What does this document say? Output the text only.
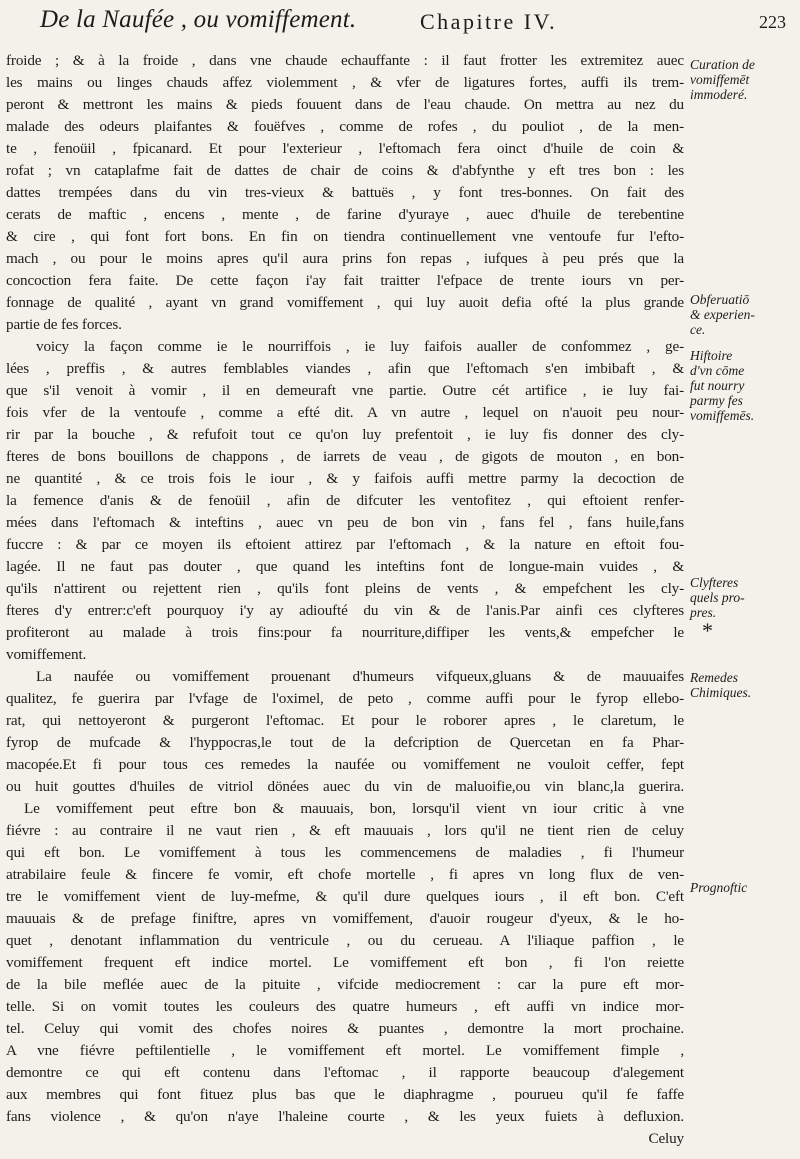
De la Naufée , ou vomiffement.	Chapitre IV.	223
froide ; & à la froide , dans vne chaude echauffante : il faut frotter les extremitez auec
les mains ou linges chauds affez violemment , & vfer de ligatures fortes, auffi ils trem-
peront & mettront les mains & pieds fouuent dans de l'eau chaude. On mettra au nez du
malade des odeurs plaifantes & fouëfves , comme de rofes , du pouliot , de la men-
te , fenoüil , fpicanard. Et pour l'exterieur , l'eftomach fera oinct d'huile de coin &
rofat ; vn cataplafme fait de dattes de chair de coins & d'abfynthe y eft tres bon : les
dattes trempées dans du vin tres-vieux & battuës , y font tres-bonnes. On fait des
cerats de maftic , encens , mente , de farine d'yuraye , auec d'huile de terebentine
& cire , qui font fort bons. En fin on tiendra continuellement vne ventoufe fur l'efto-
mach , ou pour le moins apres qu'il aura prins fon repas , iufques à peu prés que la
concoction fera faite. De cette façon i'ay fait traitter l'efpace de trente iours vn per-
fonnage de qualité , ayant vn grand vomiffement , qui luy auoit defia ofté la plus grande
partie de fes forces.
voicy la façon comme ie le nourriffois , ie luy faifois aualler de confommez , ge-
lées , preffis , & autres femblables viandes , afin que l'eftomach s'en imbibaft , &
que s'il venoit à vomir , il en demeuraft vne partie. Outre cét artifice , ie luy fai-
fois vfer de la ventoufe , comme a efté dit. A vn autre , lequel on n'auoit peu nour-
rir par la bouche , & refufoit tout ce qu'on luy prefentoit , ie luy fis donner des cly-
fteres de bons bouillons de chappons , de iarrets de veau , de gigots de mouton , en bon-
ne quantité , & ce trois fois le iour , & y faifois auffi mettre parmy la decoction de
la femence d'anis & de fenoüil , afin de difcuter les ventofitez , qui eftoient renfer-
mées dans l'eftomach & inteftins , auec vn peu de bon vin , fans fel , fans huile,fans
fuccre : & par ce moyen ils eftoient attirez par l'eftomach , & la nature en eftoit fou-
lagée. Il ne faut pas douter , que quand les inteftins font de longue-main vuides , &
qu'ils n'attirent ou rejettent rien , qu'ils font pleins de vents , & empefchent les cly-
fteres d'y entrer:c'eft pourquoy i'y ay adioufté du vin & de l'anis.Par ainfi ces clyfteres
profiteront au malade à trois fins:pour fa nourriture,diffiper les vents,& empefcher le
vomiffement.
La naufée ou vomiffement prouenant d'humeurs vifqueux,gluans & de mauuaifes
qualitez, fe guerira par l'vfage de l'oximel, de peto , comme auffi pour le fyrop ellebo-
rat, qui nettoyeront & purgeront l'eftomac. Et pour le roborer apres , le claretum, le
fyrop de mufcade & l'hyppocras,le tout de la defcription de Quercetan en fa Phar-
macopée.Et fi pour tous ces remedes la naufée ou vomiffement ne vouloit ceffer, fept
ou huit gouttes d'huiles de vitriol dönées auec du vin de maluoifie,ou vin blanc,la guerira.
Le vomiffement peut eftre bon & mauuais, bon, lorsqu'il vient vn iour critic à vne
fiévre : au contraire il ne vaut rien , & eft mauuais , lors qu'il ne tient rien de celuy
qui eft bon. Le vomiffement à tous les commencemens de maladies , fi l'humeur
atrabilaire feule & fincere fe vomir, eft chofe mortelle , fi apres vn long flux de ven-
tre le vomiffement vient de luy-mefme, & qu'il dure quelques iours , il eft bon. C'eft
mauuais & de prefage finiftre, apres vn vomiffement, d'auoir rougeur d'yeux, & le ho-
quet , denotant inflammation du ventricule , ou du cerueau. A l'iliaque paffion , le
vomiffement frequent eft indice mortel. Le vomiffement eft bon , fi l'on reiette
de la bile meflée auec de la pituite , vifcide mediocrement : car la pure eft mor-
telle. Si on vomit toutes les couleurs des quatre humeurs , eft auffi vn indice mor-
tel. Celuy qui vomit des chofes noires & puantes , demontre la mort prochaine.
A vne fiévre peftilentielle , le vomiffement eft mortel. Le vomiffement fimple ,
demontre ce qui eft contenu dans l'eftomac , il rapporte beaucoup d'alegement
aux membres qui font fituez plus bas que le diaphragme , pourueu qu'il fe faffe
fans violence , & qu'on n'aye l'haleine courte , & les yeux fuiets à defluxion.
Celuy
Curation de
vomiffemēt
immoderé.
Obferuatiō
& experien-
ce.
Hiftoire
d'vn cōme
fut nourry
parmy fes
vomiffemēs.
Clyfteres
quels pro-
pres.
*
Remedes
Chimiques.
Prognoftic
